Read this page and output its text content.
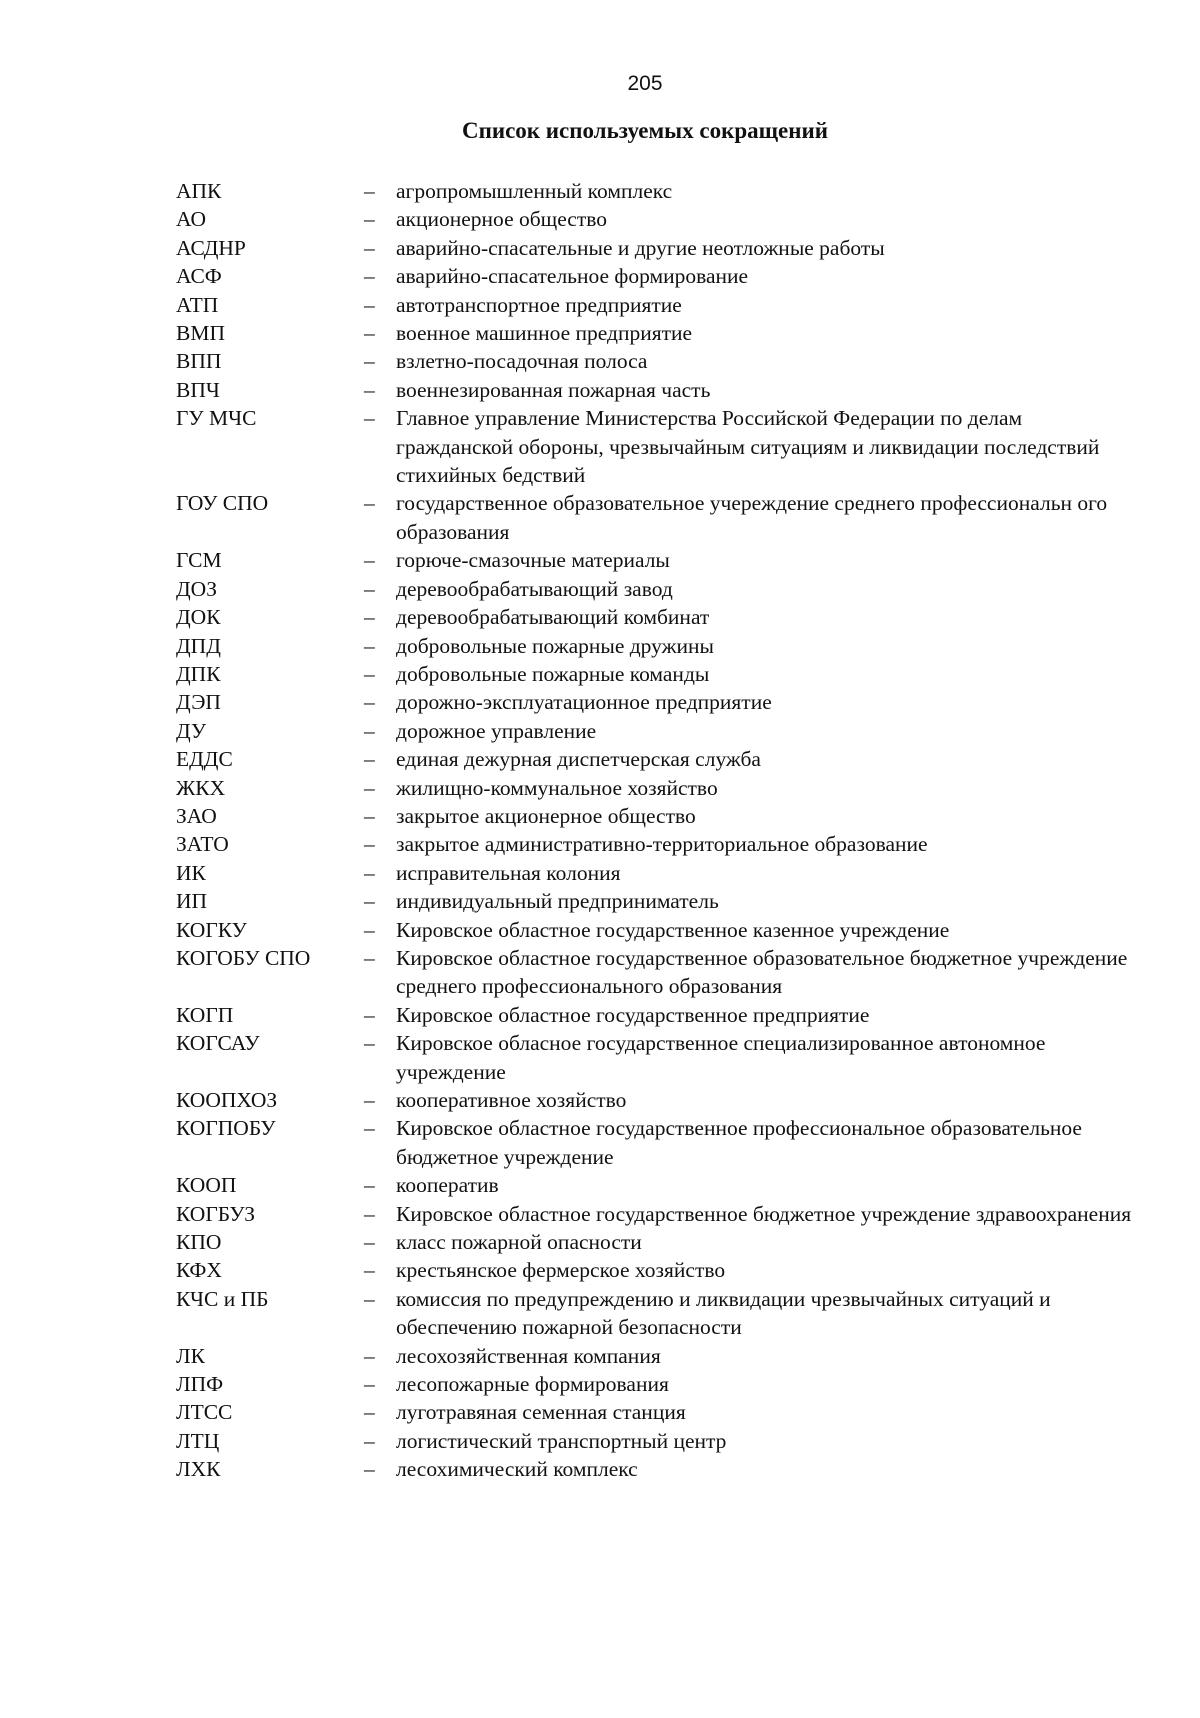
205
Список используемых сокращений
АПК	– агропромышленный комплекс
АО	– акционерное общество
АСДНР	– аварийно-спасательные и другие неотложные работы
АСФ	– аварийно-спасательное формирование
АТП	– автотранспортное предприятие
ВМП	– военное машинное предприятие
ВПП	– взлетно-посадочная полоса
ВПЧ	– военнезированная пожарная часть
ГУ МЧС	– Главное управление Министерства Российской Федерации по делам гражданской обороны, чрезвычайным ситуациям и ликвидации последствий стихийных бедствий
ГОУ СПО	– государственное образовательное учереждение среднего профессиональн ого образования
ГСМ	– горюче-смазочные материалы
ДОЗ	– деревообрабатывающий завод
ДОК	– деревообрабатывающий комбинат
ДПД	– добровольные пожарные дружины
ДПК	– добровольные пожарные команды
ДЭП	– дорожно-эксплуатационное предприятие
ДУ	– дорожное управление
ЕДДС	– единая дежурная диспетчерская служба
ЖКХ	– жилищно-коммунальное хозяйство
ЗАО	– закрытое акционерное общество
ЗАТО	– закрытое административно-территориальное образование
ИК	– исправительная колония
ИП	– индивидуальный предприниматель
КОГКУ	– Кировское областное государственное казенное учреждение
КОГОБУ СПО	– Кировское областное государственное образовательное бюджетное учреждение среднего профессионального образования
КОГП	– Кировское областное государственное предприятие
КОГСАУ	– Кировское обласное государственное специализированное автономное учреждение
КООПХОЗ	– кооперативное хозяйство
КОГПОБУ	– Кировское областное государственное профессиональное образовательное бюджетное учреждение
КООП	– кооператив
КОГБУЗ	– Кировское областное государственное бюджетное учреждение здравоохранения
КПО	– класс пожарной опасности
КФХ	– крестьянское фермерское хозяйство
КЧС и ПБ	– комиссия по предупреждению и ликвидации чрезвычайных ситуаций и обеспечению пожарной безопасности
ЛК	– лесохозяйственная компания
ЛПФ	– лесопожарные формирования
ЛТСС	– луготравяная семенная станция
ЛТЦ	– логистический транспортный центр
ЛХК	– лесохимический комплекс
